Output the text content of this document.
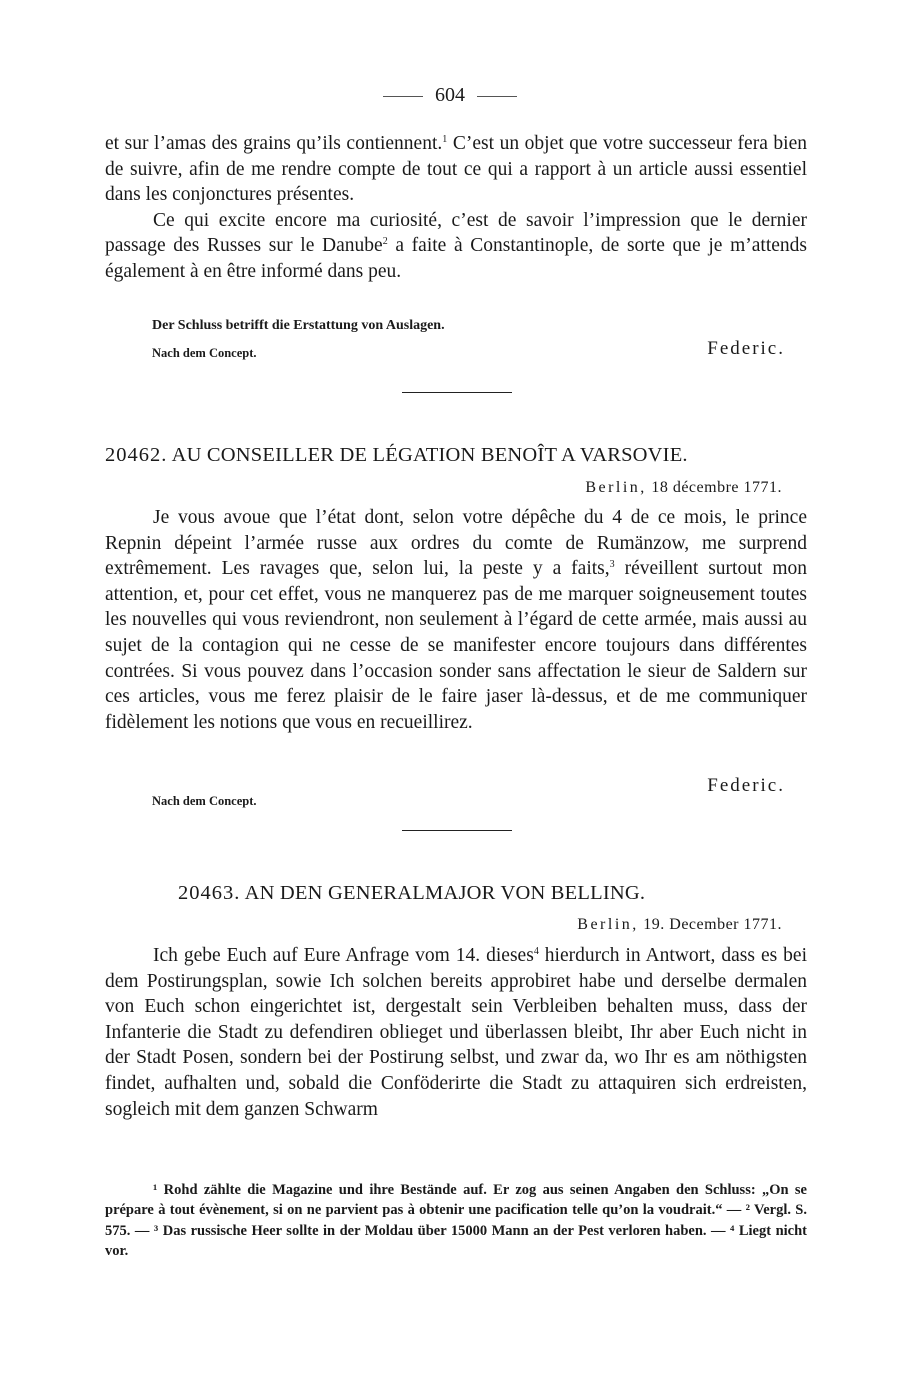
604

et sur l’amas des grains qu’ils contiennent.$^1$ C’est un objet que votre successeur fera bien de suivre, afin de me rendre compte de tout ce qui a rapport à un article aussi essentiel dans les conjonctures présentes.

Ce qui excite encore ma curiosité, c’est de savoir l’impression que le dernier passage des Russes sur le Danube$^2$ a faite à Constantinople, de sorte que je m’attends également à en être informé dans peu.

Der Schluss betrifft die Erstattung von Auslagen.
Nach dem Concept.	Federic.
20462. AU CONSEILLER DE LÉGATION BENOÎT A VARSOVIE.
Berlin, 18 décembre 1771.

Je vous avoue que l’état dont, selon votre dépêche du 4 de ce mois, le prince Repnin dépeint l’armée russe aux ordres du comte de Rumänzow, me surprend extrêmement. Les ravages que, selon lui, la peste y a faits,$^3$ réveillent surtout mon attention, et, pour cet effet, vous ne manquerez pas de me marquer soigneusement toutes les nouvelles qui vous reviendront, non seulement à l’égard de cette armée, mais aussi au sujet de la contagion qui ne cesse de se manifester encore toujours dans différentes contrées. Si vous pouvez dans l’occasion sonder sans affectation le sieur de Saldern sur ces articles, vous me ferez plaisir de le faire jaser là-dessus, et de me communiquer fidèlement les notions que vous en recueillirez.

Federic.
Nach dem Concept.
20463. AN DEN GENERALMAJOR VON BELLING.
Berlin, 19. December 1771.

Ich gebe Euch auf Eure Anfrage vom 14. dieses$^4$ hierdurch in Antwort, dass es bei dem Postirungsplan, sowie Ich solchen bereits approbiret habe und derselbe dermalen von Euch schon eingerichtet ist, dergestalt sein Verbleiben behalten muss, dass der Infanterie die Stadt zu defendiren oblieget und überlassen bleibt, Ihr aber Euch nicht in der Stadt Posen, sondern bei der Postirung selbst, und zwar da, wo Ihr es am nöthigsten findet, aufhalten und, sobald die Conföderirte die Stadt zu attaquiren sich erdreisten, sogleich mit dem ganzen Schwarm

¹ Rohd zählte die Magazine und ihre Bestände auf. Er zog aus seinen Angaben den Schluss: „On se prépare à tout évènement, si on ne parvient pas à obtenir une pacification telle qu’on la voudrait.“ — ² Vergl. S. 575. — ³ Das russische Heer sollte in der Moldau über 15000 Mann an der Pest verloren haben. — ⁴ Liegt nicht vor.
